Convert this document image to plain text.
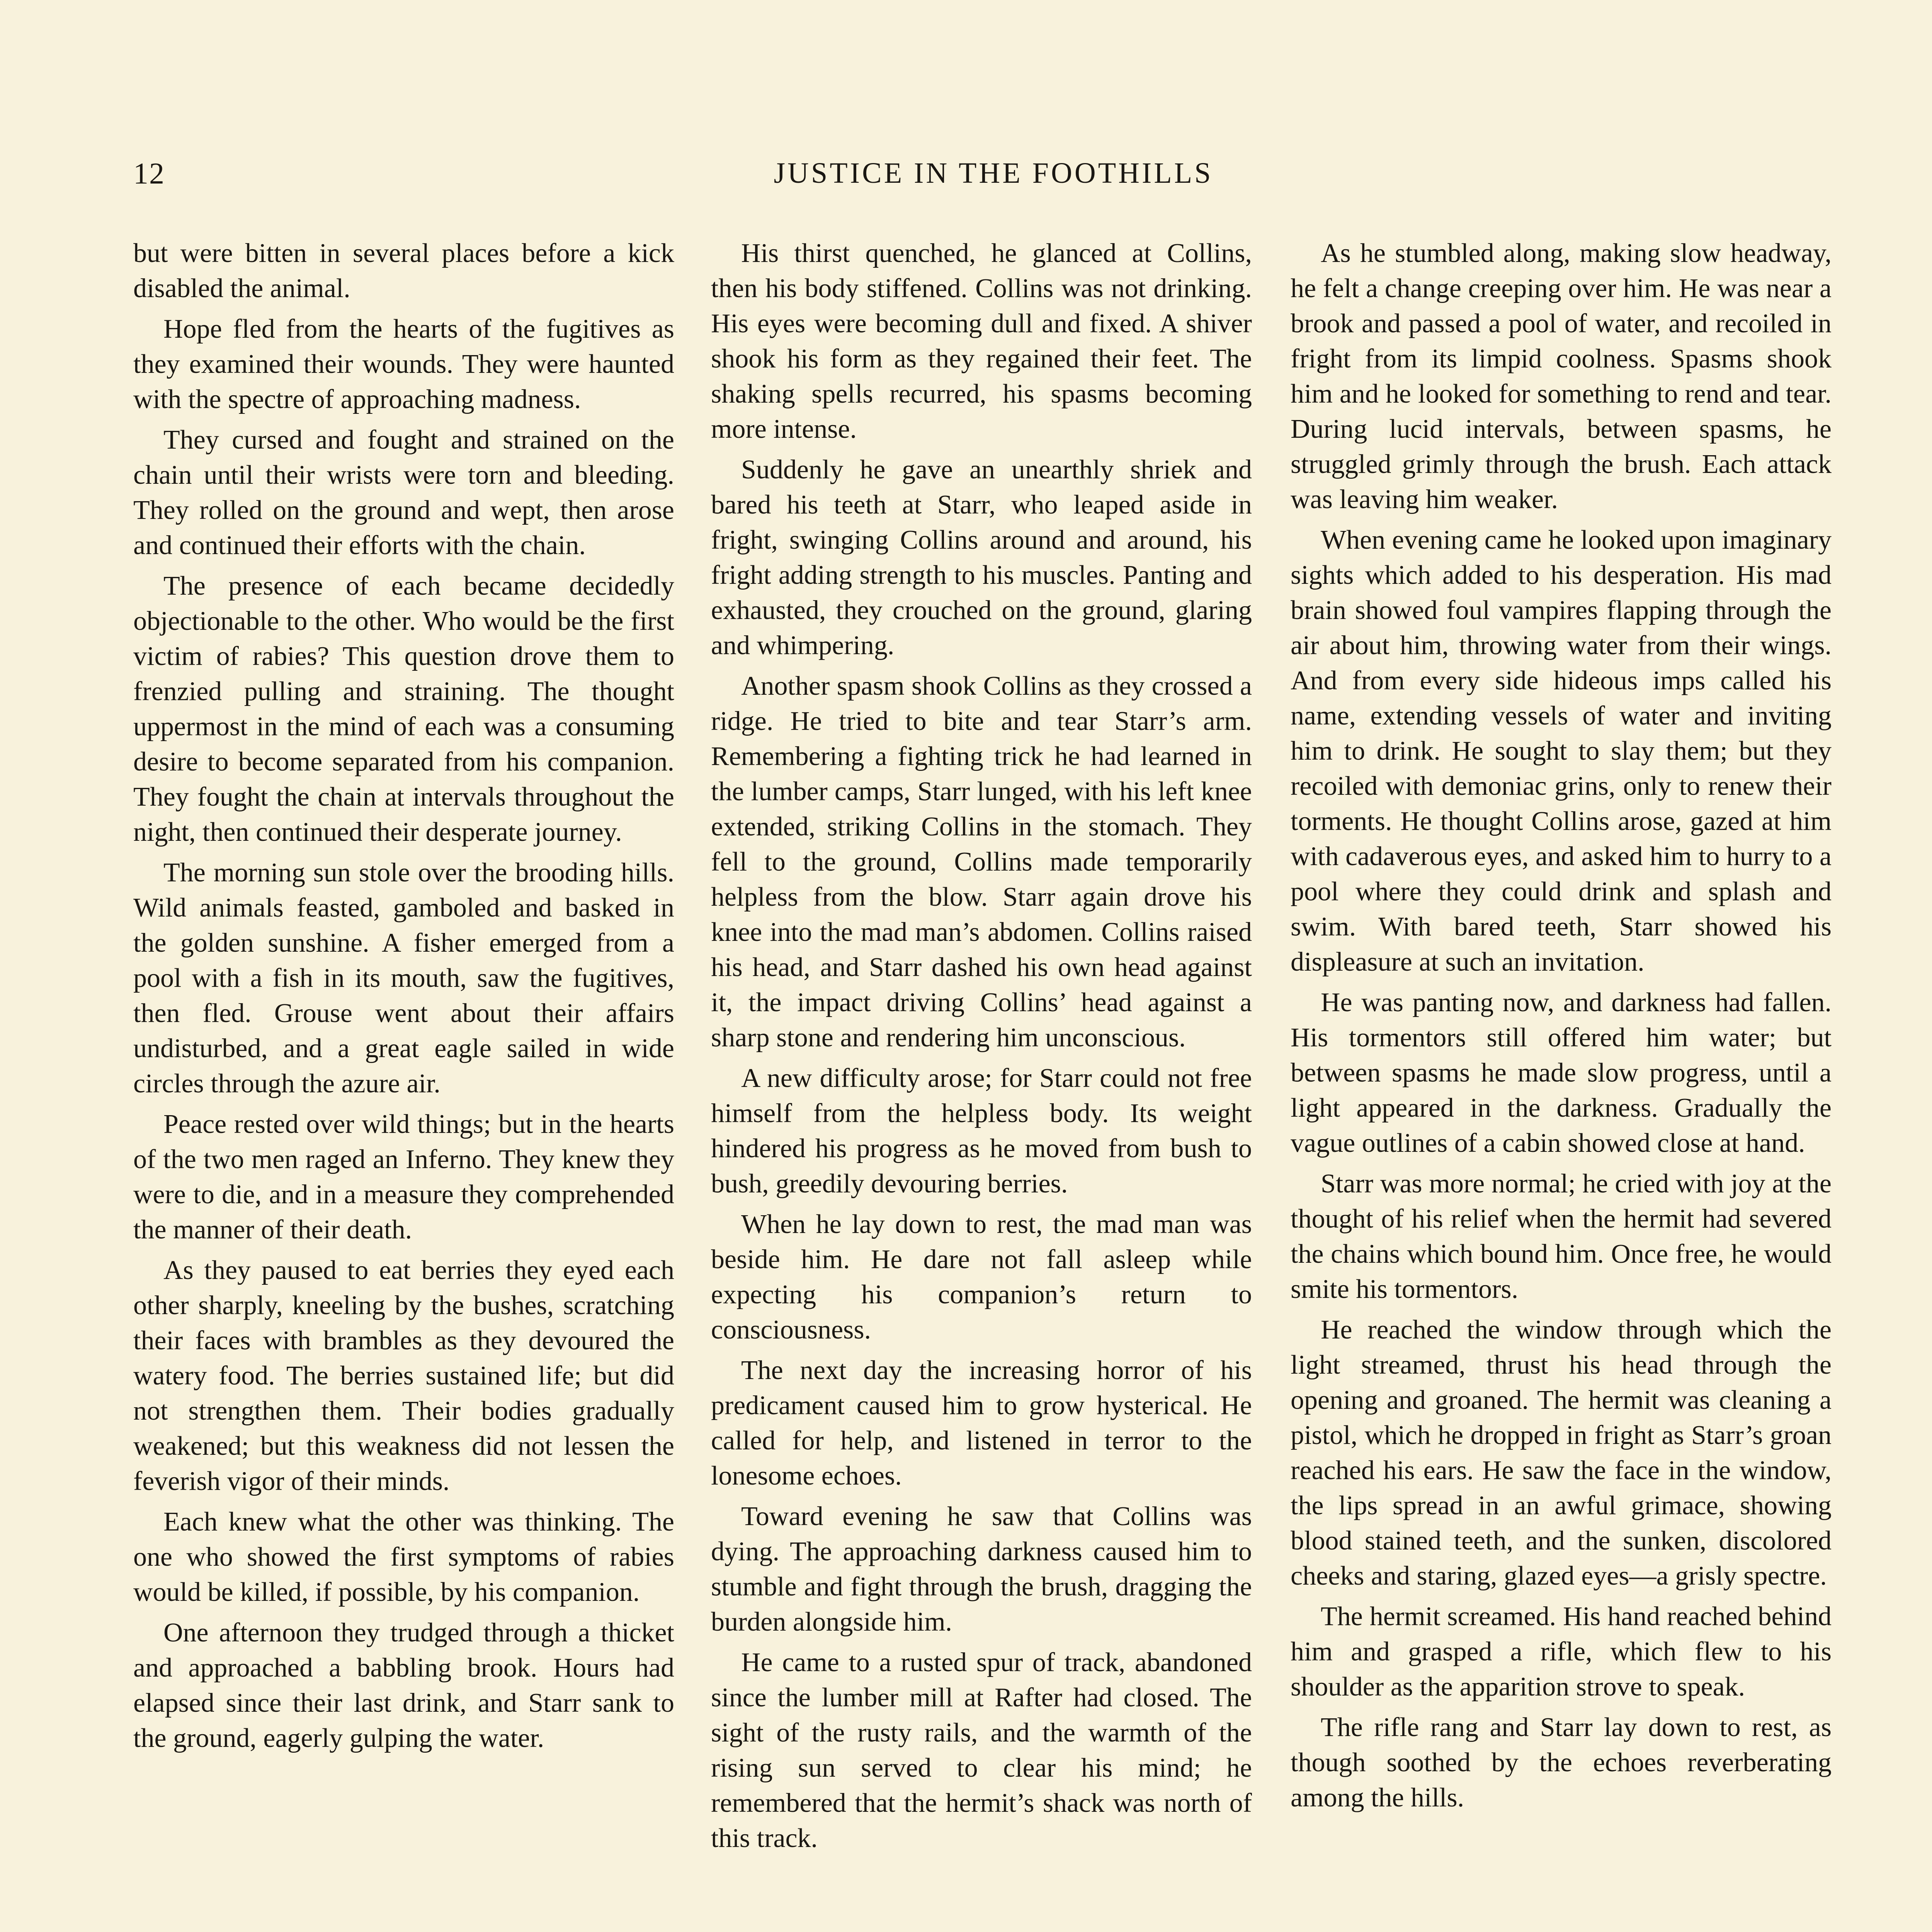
12	JUSTICE IN THE FOOTHILLS

but were bitten in several places before a kick disabled the animal.

Hope fled from the hearts of the fugitives as they examined their wounds. They were haunted with the spectre of approaching madness.

They cursed and fought and strained on the chain until their wrists were torn and bleeding. They rolled on the ground and wept, then arose and continued their efforts with the chain.

The presence of each became decidedly objectionable to the other. Who would be the first victim of rabies? This question drove them to frenzied pulling and straining. The thought uppermost in the mind of each was a consuming desire to become separated from his companion. They fought the chain at intervals throughout the night, then continued their desperate journey.

The morning sun stole over the brooding hills. Wild animals feasted, gamboled and basked in the golden sunshine. A fisher emerged from a pool with a fish in its mouth, saw the fugitives, then fled. Grouse went about their affairs undisturbed, and a great eagle sailed in wide circles through the azure air.

Peace rested over wild things; but in the hearts of the two men raged an Inferno. They knew they were to die, and in a measure they comprehended the manner of their death.

As they paused to eat berries they eyed each other sharply, kneeling by the bushes, scratching their faces with brambles as they devoured the watery food. The berries sustained life; but did not strengthen them. Their bodies gradually weakened; but this weakness did not lessen the feverish vigor of their minds.

Each knew what the other was thinking. The one who showed the first symptoms of rabies would be killed, if possible, by his companion.

One afternoon they trudged through a thicket and approached a babbling brook. Hours had elapsed since their last drink, and Starr sank to the ground, eagerly gulping the water.

His thirst quenched, he glanced at Collins, then his body stiffened. Collins was not drinking. His eyes were becoming dull and fixed. A shiver shook his form as they regained their feet. The shaking spells recurred, his spasms becoming more intense.

Suddenly he gave an unearthly shriek and bared his teeth at Starr, who leaped aside in fright, swinging Collins around and around, his fright adding strength to his muscles. Panting and exhausted, they crouched on the ground, glaring and whimpering.

Another spasm shook Collins as they crossed a ridge. He tried to bite and tear Starr’s arm. Remembering a fighting trick he had learned in the lumber camps, Starr lunged, with his left knee extended, striking Collins in the stomach. They fell to the ground, Collins made temporarily helpless from the blow. Starr again drove his knee into the mad man’s abdomen. Collins raised his head, and Starr dashed his own head against it, the impact driving Collins’ head against a sharp stone and rendering him unconscious.

A new difficulty arose; for Starr could not free himself from the helpless body. Its weight hindered his progress as he moved from bush to bush, greedily devouring berries.

When he lay down to rest, the mad man was beside him. He dare not fall asleep while expecting his companion’s return to consciousness.

The next day the increasing horror of his predicament caused him to grow hysterical. He called for help, and listened in terror to the lonesome echoes.

Toward evening he saw that Collins was dying. The approaching darkness caused him to stumble and fight through the brush, dragging the burden alongside him.

He came to a rusted spur of track, abandoned since the lumber mill at Rafter had closed. The sight of the rusty rails, and the warmth of the rising sun served to clear his mind; he remembered that the hermit’s shack was north of this track.

As he stumbled along, making slow headway, he felt a change creeping over him. He was near a brook and passed a pool of water, and recoiled in fright from its limpid coolness. Spasms shook him and he looked for something to rend and tear. During lucid intervals, between spasms, he struggled grimly through the brush. Each attack was leaving him weaker.

When evening came he looked upon imaginary sights which added to his desperation. His mad brain showed foul vampires flapping through the air about him, throwing water from their wings. And from every side hideous imps called his name, extending vessels of water and inviting him to drink. He sought to slay them; but they recoiled with demoniac grins, only to renew their torments. He thought Collins arose, gazed at him with cadaverous eyes, and asked him to hurry to a pool where they could drink and splash and swim. With bared teeth, Starr showed his displeasure at such an invitation.

He was panting now, and darkness had fallen. His tormentors still offered him water; but between spasms he made slow progress, until a light appeared in the darkness. Gradually the vague outlines of a cabin showed close at hand.

Starr was more normal; he cried with joy at the thought of his relief when the hermit had severed the chains which bound him. Once free, he would smite his tormentors.

He reached the window through which the light streamed, thrust his head through the opening and groaned. The hermit was cleaning a pistol, which he dropped in fright as Starr’s groan reached his ears. He saw the face in the window, the lips spread in an awful grimace, showing blood stained teeth, and the sunken, discolored cheeks and staring, glazed eyes—a grisly spectre.

The hermit screamed. His hand reached behind him and grasped a rifle, which flew to his shoulder as the apparition strove to speak.

The rifle rang and Starr lay down to rest, as though soothed by the echoes reverberating among the hills.
